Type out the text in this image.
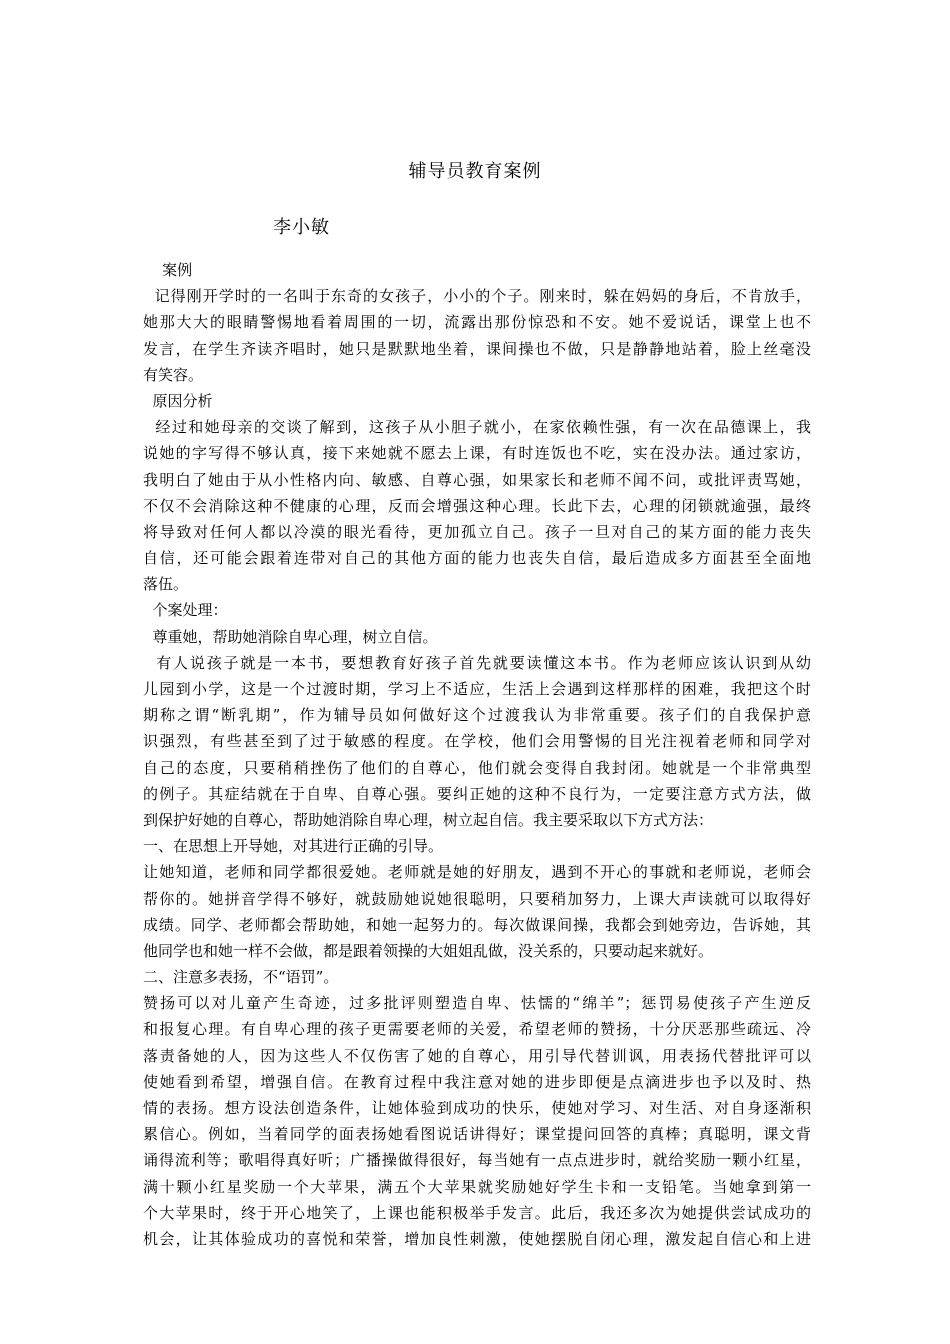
辅导员教育案例
李小敏
案例
记得刚开学时的一名叫于东奇的女孩子，小小的个子。刚来时，躲在妈妈的身后，不肯放手，
她那大大的眼睛警惕地看着周围的一切，流露出那份惊恐和不安。她不爱说话，课堂上也不
发言，在学生齐读齐唱时，她只是默默地坐着，课间操也不做，只是静静地站着，脸上丝毫没
有笑容。
原因分析
经过和她母亲的交谈了解到，这孩子从小胆子就小，在家依赖性强，有一次在品德课上，我
说她的字写得不够认真，接下来她就不愿去上课，有时连饭也不吃，实在没办法。通过家访，
我明白了她由于从小性格内向、敏感、自尊心强，如果家长和老师不闻不问，或批评责骂她，
不仅不会消除这种不健康的心理，反而会增强这种心理。长此下去，心理的闭锁就逾强，最终
将导致对任何人都以冷漠的眼光看待，更加孤立自己。孩子一旦对自己的某方面的能力丧失
自信，还可能会跟着连带对自己的其他方面的能力也丧失自信，最后造成多方面甚至全面地
落伍。
个案处理：
尊重她，帮助她消除自卑心理，树立自信。
有人说孩子就是一本书，要想教育好孩子首先就要读懂这本书。作为老师应该认识到从幼
儿园到小学，这是一个过渡时期，学习上不适应，生活上会遇到这样那样的困难，我把这个时
期称之谓“断乳期”，作为辅导员如何做好这个过渡我认为非常重要。孩子们的自我保护意
识强烈，有些甚至到了过于敏感的程度。在学校，他们会用警惕的目光注视着老师和同学对
自己的态度，只要稍稍挫伤了他们的自尊心，他们就会变得自我封闭。她就是一个非常典型
的例子。其症结就在于自卑、自尊心强。要纠正她的这种不良行为，一定要注意方式方法，做
到保护好她的自尊心，帮助她消除自卑心理，树立起自信。我主要采取以下方式方法：
一、在思想上开导她，对其进行正确的引导。
让她知道，老师和同学都很爱她。老师就是她的好朋友，遇到不开心的事就和老师说，老师会
帮你的。她拼音学得不够好，就鼓励她说她很聪明，只要稍加努力，上课大声读就可以取得好
成绩。同学、老师都会帮助她，和她一起努力的。每次做课间操，我都会到她旁边，告诉她，其
他同学也和她一样不会做，都是跟着领操的大姐姐乱做，没关系的，只要动起来就好。
二、注意多表扬，不“语罚”。
赞扬可以对儿童产生奇迹，过多批评则塑造自卑、怯懦的“绵羊”；惩罚易使孩子产生逆反
和报复心理。有自卑心理的孩子更需要老师的关爱，希望老师的赞扬，十分厌恶那些疏远、冷
落责备她的人，因为这些人不仅伤害了她的自尊心，用引导代替训讽，用表扬代替批评可以
使她看到希望，增强自信。在教育过程中我注意对她的进步即便是点滴进步也予以及时、热
情的表扬。想方设法创造条件，让她体验到成功的快乐，使她对学习、对生活、对自身逐渐积
累信心。例如，当着同学的面表扬她看图说话讲得好；课堂提问回答的真棒；真聪明，课文背
诵得流利等；歌唱得真好听；广播操做得很好，每当她有一点点进步时，就给奖励一颗小红星，
满十颗小红星奖励一个大苹果，满五个大苹果就奖励她好学生卡和一支铅笔。当她拿到第一
个大苹果时，终于开心地笑了，上课也能积极举手发言。此后，我还多次为她提供尝试成功的
机会，让其体验成功的喜悦和荣誉，增加良性刺激，使她摆脱自闭心理，激发起自信心和上进
